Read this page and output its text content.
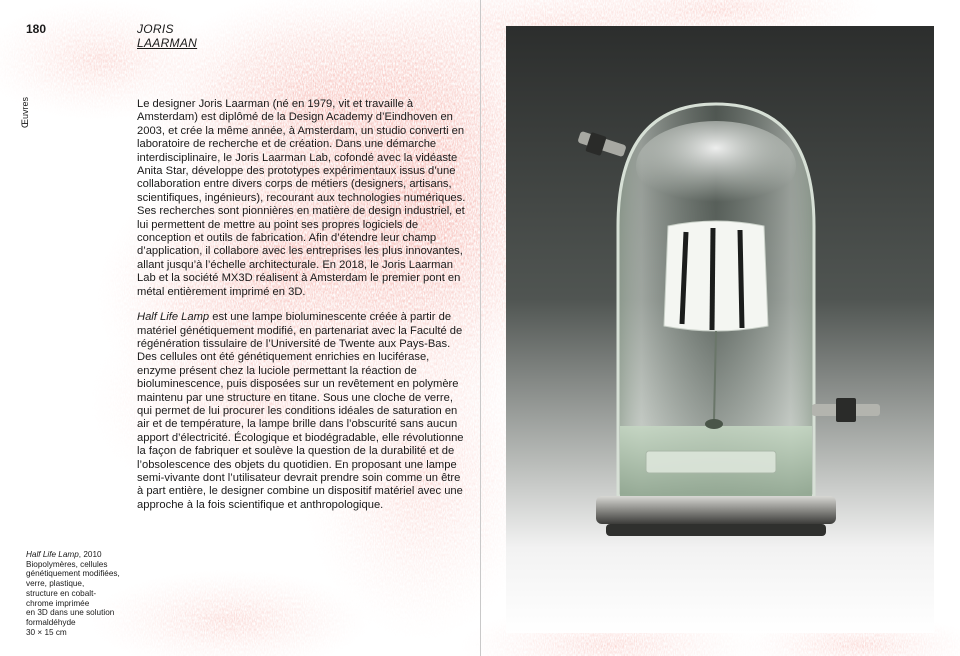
180	JORIS
LAARMAN
Œuvres	Le designer Joris Laarman (né en 1979, vit et travaille à Amsterdam) est diplômé de la Design Academy d’Eindhoven en 2003, et crée la même année, à Amsterdam, un studio converti en laboratoire de recherche et de création. Dans une démarche interdisciplinaire, le Joris Laarman Lab, cofondé avec la vidéaste Anita Star, développe des prototypes expérimentaux issus d’une collaboration entre divers corps de métiers (designers, artisans, scientifiques, ingénieurs), recourant aux technologies numériques. Ses recherches sont pionnières en matière de design industriel, et lui permettent de mettre au point ses propres logiciels de conception et outils de fabrication. Afin d’étendre leur champ d’application, il collabore avec les entreprises les plus innovantes, allant jusqu’à l’échelle architecturale. En 2018, le Joris Laarman Lab et la société MX3D réalisent à Amsterdam le premier pont en métal entièrement imprimé en 3D.

Half Life Lamp est une lampe bioluminescente créée à partir de matériel génétiquement modifié, en partenariat avec la Faculté de régénération tissulaire de l’Université de Twente aux Pays-Bas. Des cellules ont été génétiquement enrichies en luciférase, enzyme présent chez la luciole permettant la réaction de bioluminescence, puis disposées sur un revêtement en polymère maintenu par une structure en titane. Sous une cloche de verre, qui permet de lui procurer les conditions idéales de saturation en air et de température, la lampe brille dans l’obscurité sans aucun apport d’électricité. Écologique et biodégradable, elle révolutionne la façon de fabriquer et soulève la question de la durabilité et de l’obsolescence des objets du quotidien. En proposant une lampe semi-vivante dont l’utilisateur devrait prendre soin comme un être à part entière, le designer combine un dispositif matériel avec une approche à la fois scientifique et anthropologique.

Half Life Lamp, 2010
Biopolymères, cellules
génétiquement modifiées,
verre, plastique,
structure en cobalt-
chrome imprimée
en 3D dans une solution
formaldéhyde
30 × 15 cm
